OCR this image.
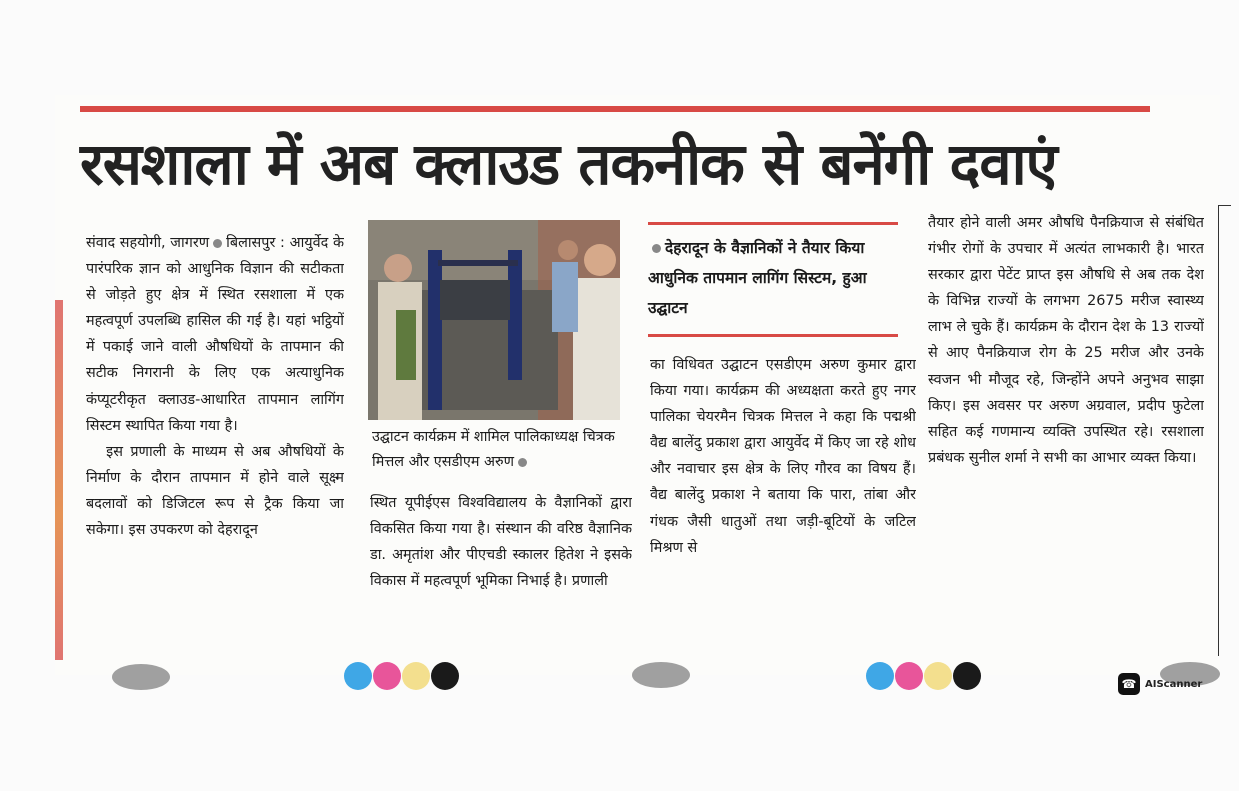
रसशाला में अब क्लाउड तकनीक से बनेंगी दवाएं

संवाद सहयोगी, जागरण बिलासपुर : आयुर्वेद के पारंपरिक ज्ञान को आधुनिक विज्ञान की सटीकता से जोड़ते हुए क्षेत्र में स्थित रसशाला में एक महत्वपूर्ण उपलब्धि हासिल की गई है। यहां भट्ठियों में पकाई जाने वाली औषधियों के तापमान की सटीक निगरानी के लिए एक अत्याधुनिक कंप्यूटरीकृत क्लाउड-आधारित तापमान लागिंग सिस्टम स्थापित किया गया है।

इस प्रणाली के माध्यम से अब औषधियों के निर्माण के दौरान तापमान में होने वाले सूक्ष्म बदलावों को डिजिटल रूप से ट्रैक किया जा सकेगा। इस उपकरण को देहरादून

उद्घाटन कार्यक्रम में शामिल पालिकाध्यक्ष चित्रक मित्तल और एसडीएम अरुण

स्थित यूपीईएस विश्वविद्यालय के वैज्ञानिकों द्वारा विकसित किया गया है। संस्थान की वरिष्ठ वैज्ञानिक डा. अमृतांश और पीएचडी स्कालर हितेश ने इसके विकास में महत्वपूर्ण भूमिका निभाई है। प्रणाली

देहरादून के वैज्ञानिकों ने तैयार किया आधुनिक तापमान लागिंग सिस्टम, हुआ उद्घाटन

का विधिवत उद्घाटन एसडीएम अरुण कुमार द्वारा किया गया। कार्यक्रम की अध्यक्षता करते हुए नगर पालिका चेयरमैन चित्रक मित्तल ने कहा कि पद्मश्री वैद्य बालेंदु प्रकाश द्वारा आयुर्वेद में किए जा रहे शोध और नवाचार इस क्षेत्र के लिए गौरव का विषय हैं। वैद्य बालेंदु प्रकाश ने बताया कि पारा, तांबा और गंधक जैसी धातुओं तथा जड़ी-बूटियों के जटिल मिश्रण से

तैयार होने वाली अमर औषधि पैनक्रियाज से संबंधित गंभीर रोगों के उपचार में अत्यंत लाभकारी है। भारत सरकार द्वारा पेटेंट प्राप्त इस औषधि से अब तक देश के विभिन्न राज्यों के लगभग 2675 मरीज स्वास्थ्य लाभ ले चुके हैं। कार्यक्रम के दौरान देश के 13 राज्यों से आए पैनक्रियाज रोग के 25 मरीज और उनके स्वजन भी मौजूद रहे, जिन्होंने अपने अनुभव साझा किए। इस अवसर पर अरुण अग्रवाल, प्रदीप फुटेला सहित कई गणमान्य व्यक्ति उपस्थित रहे। रसशाला प्रबंधक सुनील शर्मा ने सभी का आभार व्यक्त किया।

☎ AIScanner
